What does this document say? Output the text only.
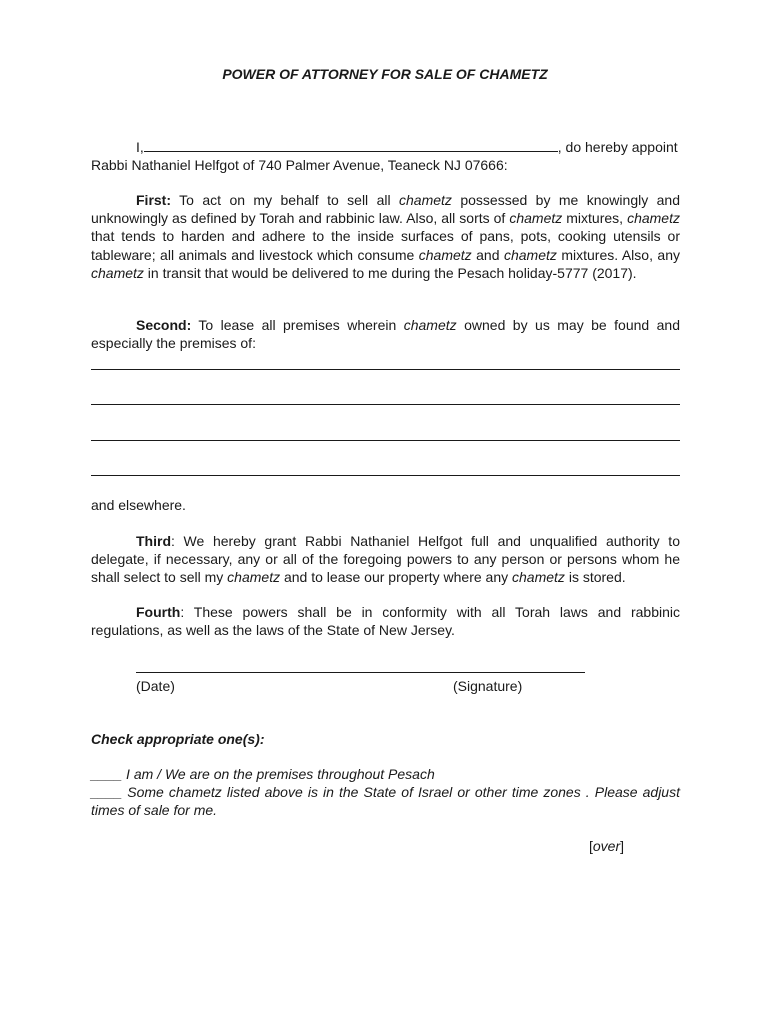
POWER OF ATTORNEY FOR SALE OF CHAMETZ
I,	, do hereby appoint
Rabbi Nathaniel Helfgot of 740 Palmer Avenue, Teaneck NJ 07666:

First: To act on my behalf to sell all chametz possessed by me knowingly and unknowingly as defined by Torah and rabbinic law. Also, all sorts of chametz mixtures, chametz that tends to harden and adhere to the inside surfaces of pans, pots, cooking utensils or tableware; all animals and livestock which consume chametz and chametz mixtures. Also, any chametz in transit that would be delivered to me during the Pesach holiday-5777 (2017).

Second: To lease all premises wherein chametz owned by us may be found and especially the premises of:

and elsewhere.

Third: We hereby grant Rabbi Nathaniel Helfgot full and unqualified authority to delegate, if necessary, any or all of the foregoing powers to any person or persons whom he shall select to sell my chametz and to lease our property where any chametz is stored.

Fourth: These powers shall be in conformity with all Torah laws and rabbinic regulations, as well as the laws of the State of New Jersey.

(Date)	(Signature)
Check appropriate one(s):
____ I am / We are on the premises throughout Pesach

____ Some chametz listed above is in the State of Israel or other time zones . Please adjust times of sale for me.

[over]
